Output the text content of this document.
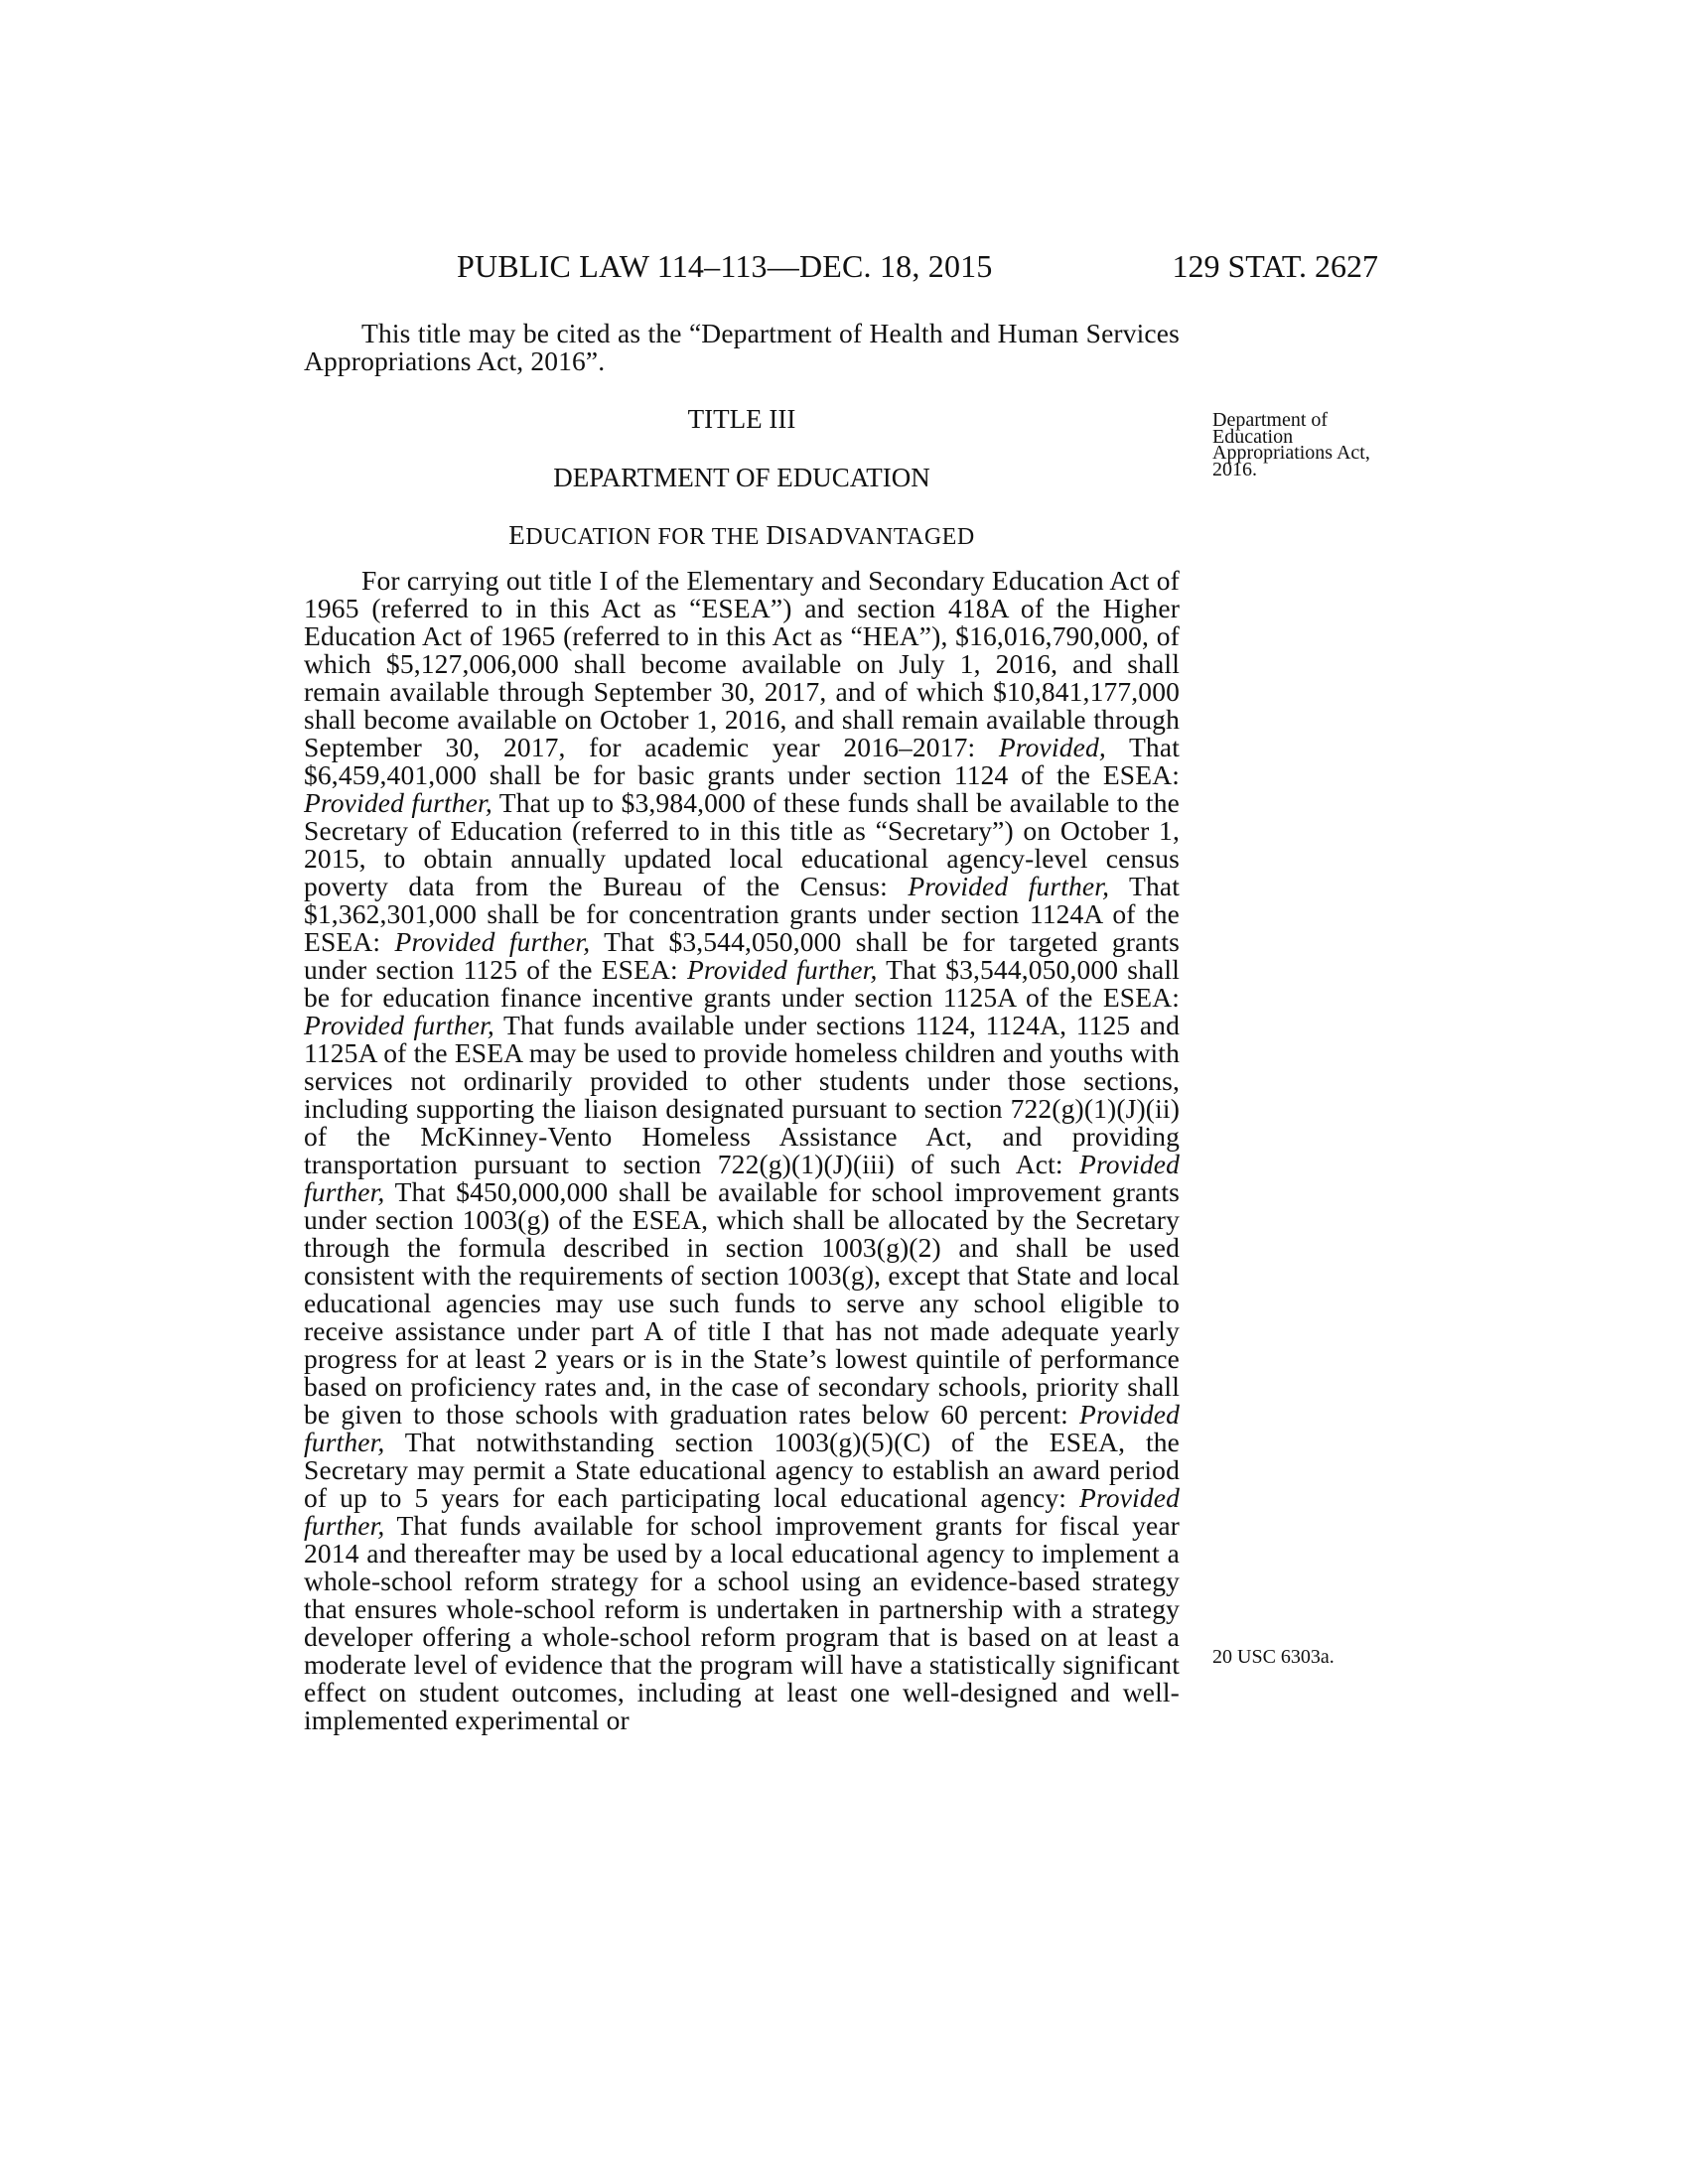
PUBLIC LAW 114–113—DEC. 18, 2015	129 STAT. 2627

This title may be cited as the “Department of Health and Human Services Appropriations Act, 2016”.

TITLE III
DEPARTMENT OF EDUCATION
EDUCATION FOR THE DISADVANTAGED
Department of Education Appropriations Act, 2016.
20 USC 6303a.

For carrying out title I of the Elementary and Secondary Education Act of 1965 (referred to in this Act as “ESEA”) and section 418A of the Higher Education Act of 1965 (referred to in this Act as “HEA”), $16,016,790,000, of which $5,127,006,000 shall become available on July 1, 2016, and shall remain available through September 30, 2017, and of which $10,841,177,000 shall become available on October 1, 2016, and shall remain available through September 30, 2017, for academic year 2016–2017: Provided, That $6,459,401,000 shall be for basic grants under section 1124 of the ESEA: Provided further, That up to $3,984,000 of these funds shall be available to the Secretary of Education (referred to in this title as “Secretary”) on October 1, 2015, to obtain annually updated local educational agency-level census poverty data from the Bureau of the Census: Provided further, That $1,362,301,000 shall be for concentration grants under section 1124A of the ESEA: Provided further, That $3,544,050,000 shall be for targeted grants under section 1125 of the ESEA: Provided further, That $3,544,050,000 shall be for education finance incentive grants under section 1125A of the ESEA: Provided further, That funds available under sections 1124, 1124A, 1125 and 1125A of the ESEA may be used to provide homeless children and youths with services not ordinarily provided to other students under those sections, including supporting the liaison designated pursuant to section 722(g)(1)(J)(ii) of the McKinney-Vento Homeless Assistance Act, and providing transportation pursuant to section 722(g)(1)(J)(iii) of such Act: Provided further, That $450,000,000 shall be available for school improvement grants under section 1003(g) of the ESEA, which shall be allocated by the Secretary through the formula described in section 1003(g)(2) and shall be used consistent with the requirements of section 1003(g), except that State and local educational agencies may use such funds to serve any school eligible to receive assistance under part A of title I that has not made adequate yearly progress for at least 2 years or is in the State’s lowest quintile of performance based on proficiency rates and, in the case of secondary schools, priority shall be given to those schools with graduation rates below 60 percent: Provided further, That notwithstanding section 1003(g)(5)(C) of the ESEA, the Secretary may permit a State educational agency to establish an award period of up to 5 years for each participating local educational agency: Provided further, That funds available for school improvement grants for fiscal year 2014 and thereafter may be used by a local educational agency to implement a whole-school reform strategy for a school using an evidence-based strategy that ensures whole-school reform is undertaken in partnership with a strategy developer offering a whole-school reform program that is based on at least a moderate level of evidence that the program will have a statistically significant effect on student outcomes, including at least one well-designed and well-implemented experimental or
